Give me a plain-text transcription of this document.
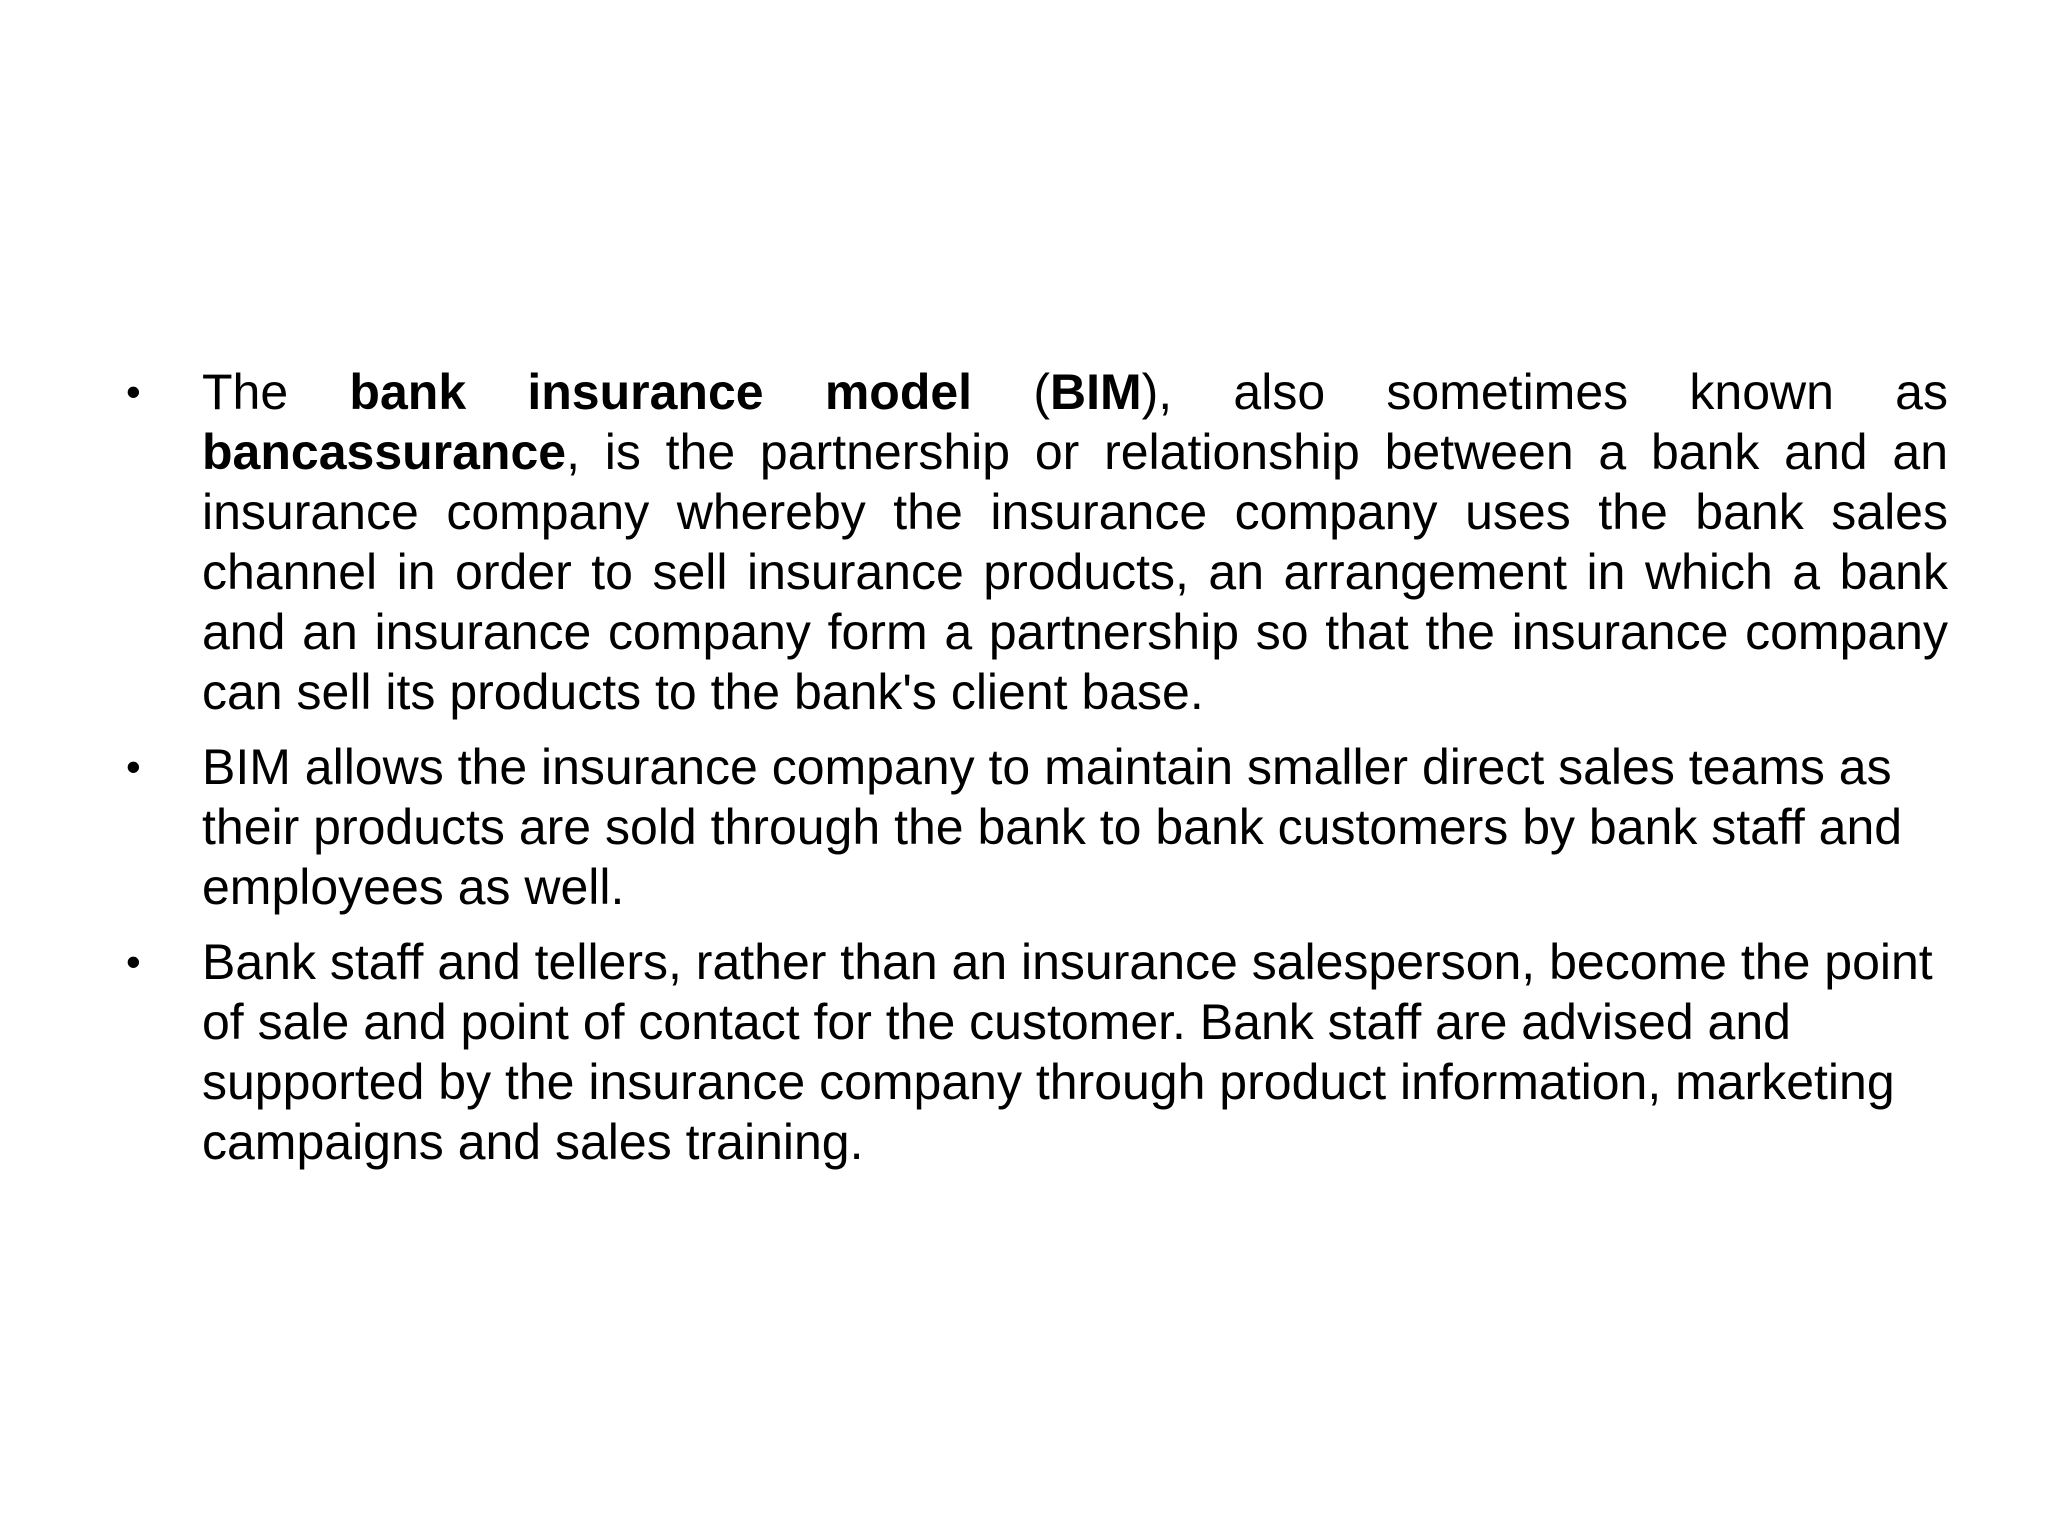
•	The bank insurance model (BIM), also sometimes known as bancassurance, is the partnership or relationship between a bank and an insurance company whereby the insurance company uses the bank sales channel in order to sell insurance products, an arrangement in which a bank and an insurance company form a partnership so that the insurance company can sell its products to the bank's client base.
•	BIM allows the insurance company to maintain smaller direct sales teams as their products are sold through the bank to bank customers by bank staff and employees as well.
•	Bank staff and tellers, rather than an insurance salesperson, become the point of sale and point of contact for the customer. Bank staff are advised and supported by the insurance company through product information, marketing campaigns and sales training.
